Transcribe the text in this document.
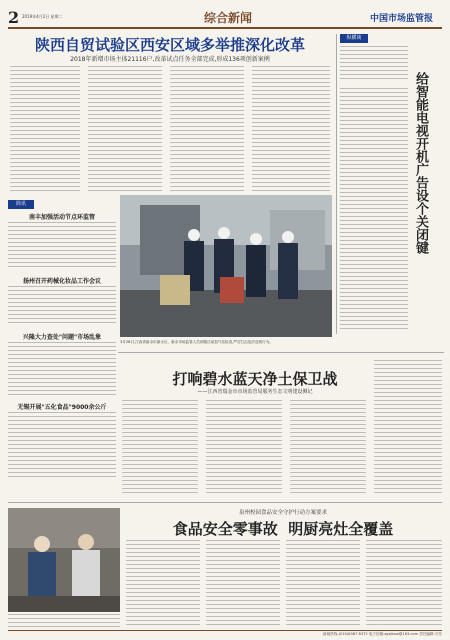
2 2019年4月2日 星期二	综合新闻	中国市场监管报
陕西自贸试验区西安区域多举推深化改革
2018年新增市场主体21116户,改革试点任务全部完成,形成136项创新案例
纵横谈
给智能电视开机广告设个关闭键
简讯
南丰加强活动节点环监管
扬州召开药械化妆品工作会议
兴隆大力查处"问题"市场乱象
无锡开展"五化食品"9000余公斤
3月28日,江西省新余市渝水区、新余市场监管人员到辖区某加气站检查,严厉打击违法违规行为。
打响碧水蓝天净土保卫战
——江西省瑞金市市场监管局服务生态文明建设侧记
泉州校园食品安全守护行动方案要求
食品安全零事故  明厨亮灶全覆盖
新闻热线:(010)6367 8372 电子信箱:zgzjbxw@163.com 责任编辑:方芳
